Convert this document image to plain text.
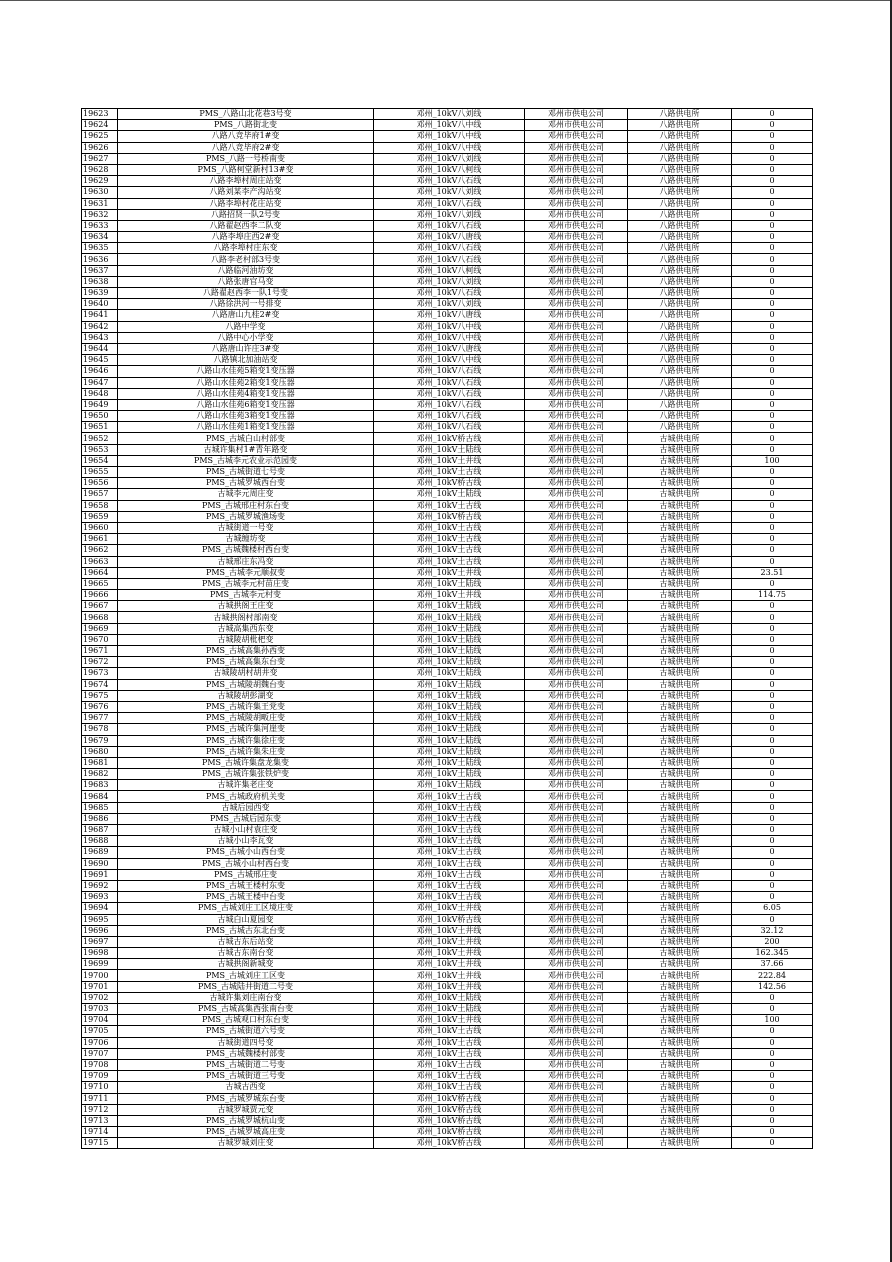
19623	PMS_八路山北花巷3号变	邓州_10kV八刘线	邓州市供电公司	八路供电所	0
19624	PMS_八路街北变	邓州_10kV八中线	邓州市供电公司	八路供电所	0
19625	八路八竞毕府1#变	邓州_10kV八中线	邓州市供电公司	八路供电所	0
19626	八路八竞毕府2#变	邓州_10kV八中线	邓州市供电公司	八路供电所	0
19627	PMS_八路一号桥南变	邓州_10kV八刘线	邓州市供电公司	八路供电所	0
19628	PMS_八路柯堂新村13#变	邓州_10kV八柯线	邓州市供电公司	八路供电所	0
19629	八路李埠村周庄站变	邓州_10kV八石线	邓州市供电公司	八路供电所	0
19630	八路刘某李产沟站变	邓州_10kV八刘线	邓州市供电公司	八路供电所	0
19631	八路李埠村花庄站变	邓州_10kV八石线	邓州市供电公司	八路供电所	0
19632	八路招贤一队2号变	邓州_10kV八刘线	邓州市供电公司	八路供电所	0
19633	八路翟赵西李二队变	邓州_10kV八石线	邓州市供电公司	八路供电所	0
19634	八路李埠庄西2#变	邓州_10kV八唐线	邓州市供电公司	八路供电所	0
19635	八路李埠村庄东变	邓州_10kV八石线	邓州市供电公司	八路供电所	0
19636	八路李老村部3号变	邓州_10kV八石线	邓州市供电公司	八路供电所	0
19637	八路临河油坊变	邓州_10kV八柯线	邓州市供电公司	八路供电所	0
19638	八路张唐官马变	邓州_10kV八刘线	邓州市供电公司	八路供电所	0
19639	八路翟赵西李一队1号变	邓州_10kV八石线	邓州市供电公司	八路供电所	0
19640	八路徐洪河一号排变	邓州_10kV八刘线	邓州市供电公司	八路供电所	0
19641	八路唐山九桂2#变	邓州_10kV八唐线	邓州市供电公司	八路供电所	0
19642	八路中学变	邓州_10kV八中线	邓州市供电公司	八路供电所	0
19643	八路中心小学变	邓州_10kV八中线	邓州市供电公司	八路供电所	0
19644	八路唐山许庄3#变	邓州_10kV八唐线	邓州市供电公司	八路供电所	0
19645	八路镇北加油站变	邓州_10kV八中线	邓州市供电公司	八路供电所	0
19646	八路山水佳苑5箱变1变压器	邓州_10kV八石线	邓州市供电公司	八路供电所	0
19647	八路山水佳苑2箱变1变压器	邓州_10kV八石线	邓州市供电公司	八路供电所	0
19648	八路山水佳苑4箱变1变压器	邓州_10kV八石线	邓州市供电公司	八路供电所	0
19649	八路山水佳苑6箱变1变压器	邓州_10kV八石线	邓州市供电公司	八路供电所	0
19650	八路山水佳苑3箱变1变压器	邓州_10kV八石线	邓州市供电公司	八路供电所	0
19651	八路山水佳苑1箱变1变压器	邓州_10kV八石线	邓州市供电公司	八路供电所	0
19652	PMS_古城白山村部变	邓州_10kV桥古线	邓州市供电公司	古城供电所	0
19653	古城许集村1#青年路变	邓州_10kV土陆线	邓州市供电公司	古城供电所	0
19654	PMS_古城李元农业示范园变	邓州_10kV土井线	邓州市供电公司	古城供电所	100
19655	PMS_古城街道七号变	邓州_10kV土古线	邓州市供电公司	古城供电所	0
19656	PMS_古城罗城西台变	邓州_10kV桥古线	邓州市供电公司	古城供电所	0
19657	古城李元周庄变	邓州_10kV土陆线	邓州市供电公司	古城供电所	0
19658	PMS_古城邢庄村东台变	邓州_10kV土古线	邓州市供电公司	古城供电所	0
19659	PMS_古城罗城渔场变	邓州_10kV桥古线	邓州市供电公司	古城供电所	0
19660	古城街道一号变	邓州_10kV土古线	邓州市供电公司	古城供电所	0
19661	古城缠坊变	邓州_10kV土古线	邓州市供电公司	古城供电所	0
19662	PMS_古城魏楼村西台变	邓州_10kV土古线	邓州市供电公司	古城供电所	0
19663	古城邢庄东冯变	邓州_10kV土古线	邓州市供电公司	古城供电所	0
19664	PMS_古城李元顺叔变	邓州_10kV土井线	邓州市供电公司	古城供电所	23.51
19665	PMS_古城李元村苗庄变	邓州_10kV土陆线	邓州市供电公司	古城供电所	0
19666	PMS_古城李元村变	邓州_10kV土井线	邓州市供电公司	古城供电所	114.75
19667	古城拱阁王庄变	邓州_10kV土陆线	邓州市供电公司	古城供电所	0
19668	古城拱阁村部南变	邓州_10kV土陆线	邓州市供电公司	古城供电所	0
19669	古城高集西东变	邓州_10kV土陆线	邓州市供电公司	古城供电所	0
19670	古城陵胡枇杷变	邓州_10kV土陆线	邓州市供电公司	古城供电所	0
19671	PMS_古城高集孙西变	邓州_10kV土陆线	邓州市供电公司	古城供电所	0
19672	PMS_古城高集东台变	邓州_10kV土陆线	邓州市供电公司	古城供电所	0
19673	古城陵胡村胡井变	邓州_10kV土陆线	邓州市供电公司	古城供电所	0
19674	PMS_古城陵胡魏台变	邓州_10kV土陆线	邓州市供电公司	古城供电所	0
19675	古城陵胡彭湖变	邓州_10kV土陆线	邓州市供电公司	古城供电所	0
19676	PMS_古城许集王党变	邓州_10kV土陆线	邓州市供电公司	古城供电所	0
19677	PMS_古城陵胡畈庄变	邓州_10kV土陆线	邓州市供电公司	古城供电所	0
19678	PMS_古城许集河崖变	邓州_10kV土陆线	邓州市供电公司	古城供电所	0
19679	PMS_古城许集徐庄变	邓州_10kV土陆线	邓州市供电公司	古城供电所	0
19680	PMS_古城许集朱庄变	邓州_10kV土陆线	邓州市供电公司	古城供电所	0
19681	PMS_古城许集盘龙集变	邓州_10kV土陆线	邓州市供电公司	古城供电所	0
19682	PMS_古城许集张铁炉变	邓州_10kV土陆线	邓州市供电公司	古城供电所	0
19683	古城许集老庄变	邓州_10kV土陆线	邓州市供电公司	古城供电所	0
19684	PMS_古城政府机关变	邓州_10kV土古线	邓州市供电公司	古城供电所	0
19685	古城后园西变	邓州_10kV土古线	邓州市供电公司	古城供电所	0
19686	PMS_古城后园东变	邓州_10kV土古线	邓州市供电公司	古城供电所	0
19687	古城小山村袁庄变	邓州_10kV土古线	邓州市供电公司	古城供电所	0
19688	古城小山李瓦变	邓州_10kV土古线	邓州市供电公司	古城供电所	0
19689	PMS_古城小山西台变	邓州_10kV土古线	邓州市供电公司	古城供电所	0
19690	PMS_古城小山村西台变	邓州_10kV土古线	邓州市供电公司	古城供电所	0
19691	PMS_古城邢庄变	邓州_10kV土古线	邓州市供电公司	古城供电所	0
19692	PMS_古城王楼村东变	邓州_10kV土古线	邓州市供电公司	古城供电所	0
19693	PMS_古城王楼中台变	邓州_10kV土古线	邓州市供电公司	古城供电所	0
19694	PMS_古城刘庄工区境庄变	邓州_10kV土井线	邓州市供电公司	古城供电所	6.05
19695	古城白山夏园变	邓州_10kV桥古线	邓州市供电公司	古城供电所	0
19696	PMS_古城古东北台变	邓州_10kV土井线	邓州市供电公司	古城供电所	32.12
19697	古城古东后站变	邓州_10kV土井线	邓州市供电公司	古城供电所	200
19698	古城古东南台变	邓州_10kV土井线	邓州市供电公司	古城供电所	162.345
19699	古城拱阁新城变	邓州_10kV土井线	邓州市供电公司	古城供电所	37.66
19700	PMS_古城刘庄工区变	邓州_10kV土井线	邓州市供电公司	古城供电所	222.84
19701	PMS_古城陆井街道二号变	邓州_10kV土井线	邓州市供电公司	古城供电所	142.56
19702	古城许集刘庄南台变	邓州_10kV土陆线	邓州市供电公司	古城供电所	0
19703	PMS_古城高集西张南台变	邓州_10kV土陆线	邓州市供电公司	古城供电所	0
19704	PMS_古城观口村东台变	邓州_10kV土井线	邓州市供电公司	古城供电所	100
19705	PMS_古城街道六号变	邓州_10kV土古线	邓州市供电公司	古城供电所	0
19706	古城街道四号变	邓州_10kV土古线	邓州市供电公司	古城供电所	0
19707	PMS_古城魏楼村部变	邓州_10kV土古线	邓州市供电公司	古城供电所	0
19708	PMS_古城街道二号变	邓州_10kV土古线	邓州市供电公司	古城供电所	0
19709	PMS_古城街道三号变	邓州_10kV土古线	邓州市供电公司	古城供电所	0
19710	古城古西变	邓州_10kV土古线	邓州市供电公司	古城供电所	0
19711	PMS_古城罗城东台变	邓州_10kV桥古线	邓州市供电公司	古城供电所	0
19712	古城罗城贾元变	邓州_10kV桥古线	邓州市供电公司	古城供电所	0
19713	PMS_古城罗城杭山变	邓州_10kV桥古线	邓州市供电公司	古城供电所	0
19714	PMS_古城罗城高庄变	邓州_10kV桥古线	邓州市供电公司	古城供电所	0
19715	古城罗城刘庄变	邓州_10kV桥古线	邓州市供电公司	古城供电所	0
